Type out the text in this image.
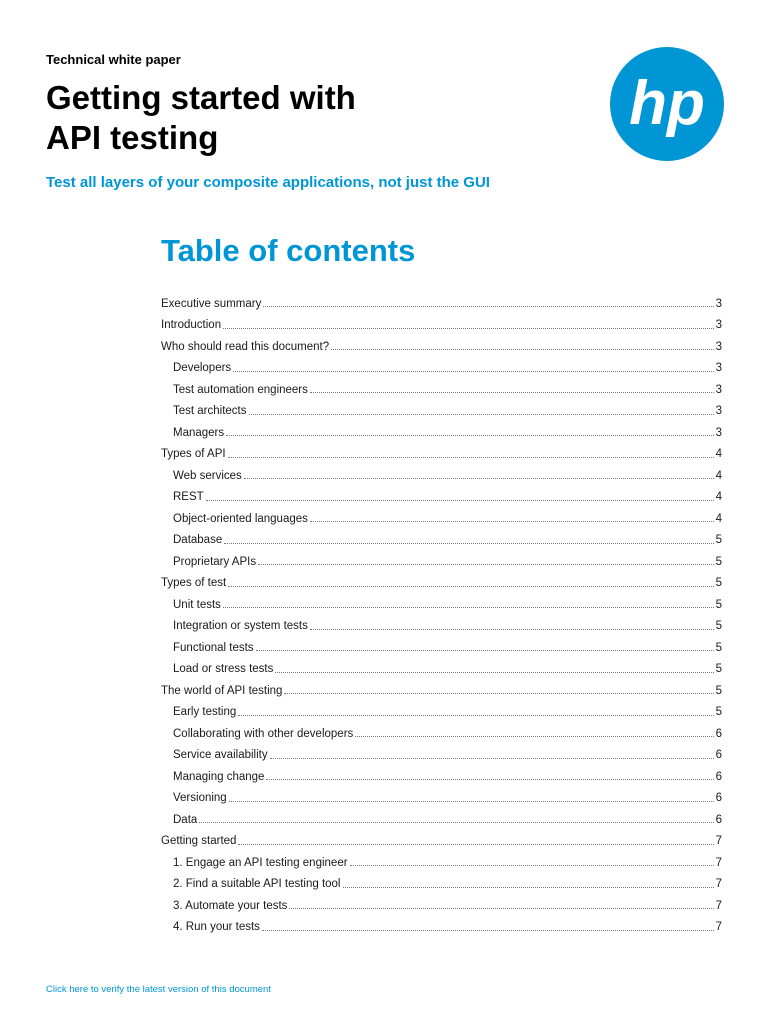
Technical white paper
Getting started with
API testing
Test all layers of your composite applications, not just the GUI
hp
Table of contents
Executive summary	3
Introduction	3
Who should read this document?	3
Developers	3
Test automation engineers	3
Test architects	3
Managers	3
Types of API	4
Web services	4
REST	4
Object-oriented languages	4
Database	5
Proprietary APIs	5
Types of test	5
Unit tests	5
Integration or system tests	5
Functional tests	5
Load or stress tests	5
The world of API testing	5
Early testing	5
Collaborating with other developers	6
Service availability	6
Managing change	6
Versioning	6
Data	6
Getting started	7
1. Engage an API testing engineer	7
2. Find a suitable API testing tool	7
3. Automate your tests	7
4. Run your tests	7
Click here to verify the latest version of this document
